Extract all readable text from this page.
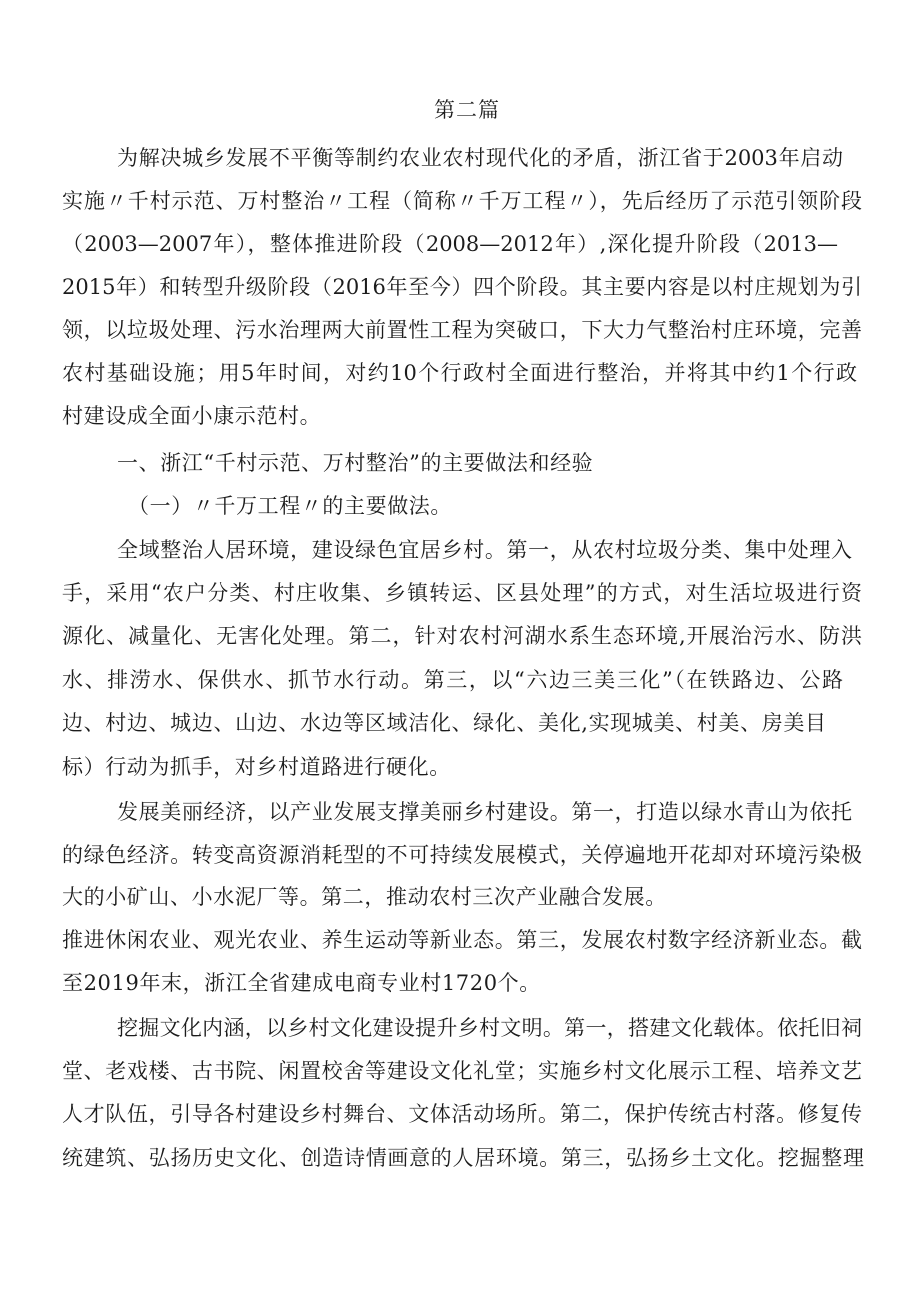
第二篇
为解决城乡发展不平衡等制约农业农村现代化的矛盾，浙江省于2003年启动
实施〃千村示范、万村整治〃工程（简称〃千万工程〃），先后经历了示范引领阶段
（2003—2007年），整体推进阶段（2008—2012年）,深化提升阶段（2013—
2015年）和转型升级阶段（2016年至今）四个阶段。其主要内容是以村庄规划为引
领，以垃圾处理、污水治理两大前置性工程为突破口，下大力气整治村庄环境，完善
农村基础设施；用5年时间，对约10个行政村全面进行整治，并将其中约1个行政
村建设成全面小康示范村。
一、浙江“千村示范、万村整治”的主要做法和经验
（一）〃千万工程〃的主要做法。
全域整治人居环境，建设绿色宜居乡村。第一，从农村垃圾分类、集中处理入
手，采用“农户分类、村庄收集、乡镇转运、区县处理”的方式，对生活垃圾进行资
源化、减量化、无害化处理。第二，针对农村河湖水系生态环境,开展治污水、防洪
水、排涝水、保供水、抓节水行动。第三，以“六边三美三化”（在铁路边、公路
边、村边、城边、山边、水边等区域洁化、绿化、美化,实现城美、村美、房美目
标）行动为抓手，对乡村道路进行硬化。
发展美丽经济，以产业发展支撑美丽乡村建设。第一，打造以绿水青山为依托
的绿色经济。转变高资源消耗型的不可持续发展模式，关停遍地开花却对环境污染极
大的小矿山、小水泥厂等。第二，推动农村三次产业融合发展。
推进休闲农业、观光农业、养生运动等新业态。第三，发展农村数字经济新业态。截
至2019年末，浙江全省建成电商专业村1720个。
挖掘文化内涵，以乡村文化建设提升乡村文明。第一，搭建文化载体。依托旧祠
堂、老戏楼、古书院、闲置校舍等建设文化礼堂；实施乡村文化展示工程、培养文艺
人才队伍，引导各村建设乡村舞台、文体活动场所。第二，保护传统古村落。修复传
统建筑、弘扬历史文化、创造诗情画意的人居环境。第三，弘扬乡土文化。挖掘整理
